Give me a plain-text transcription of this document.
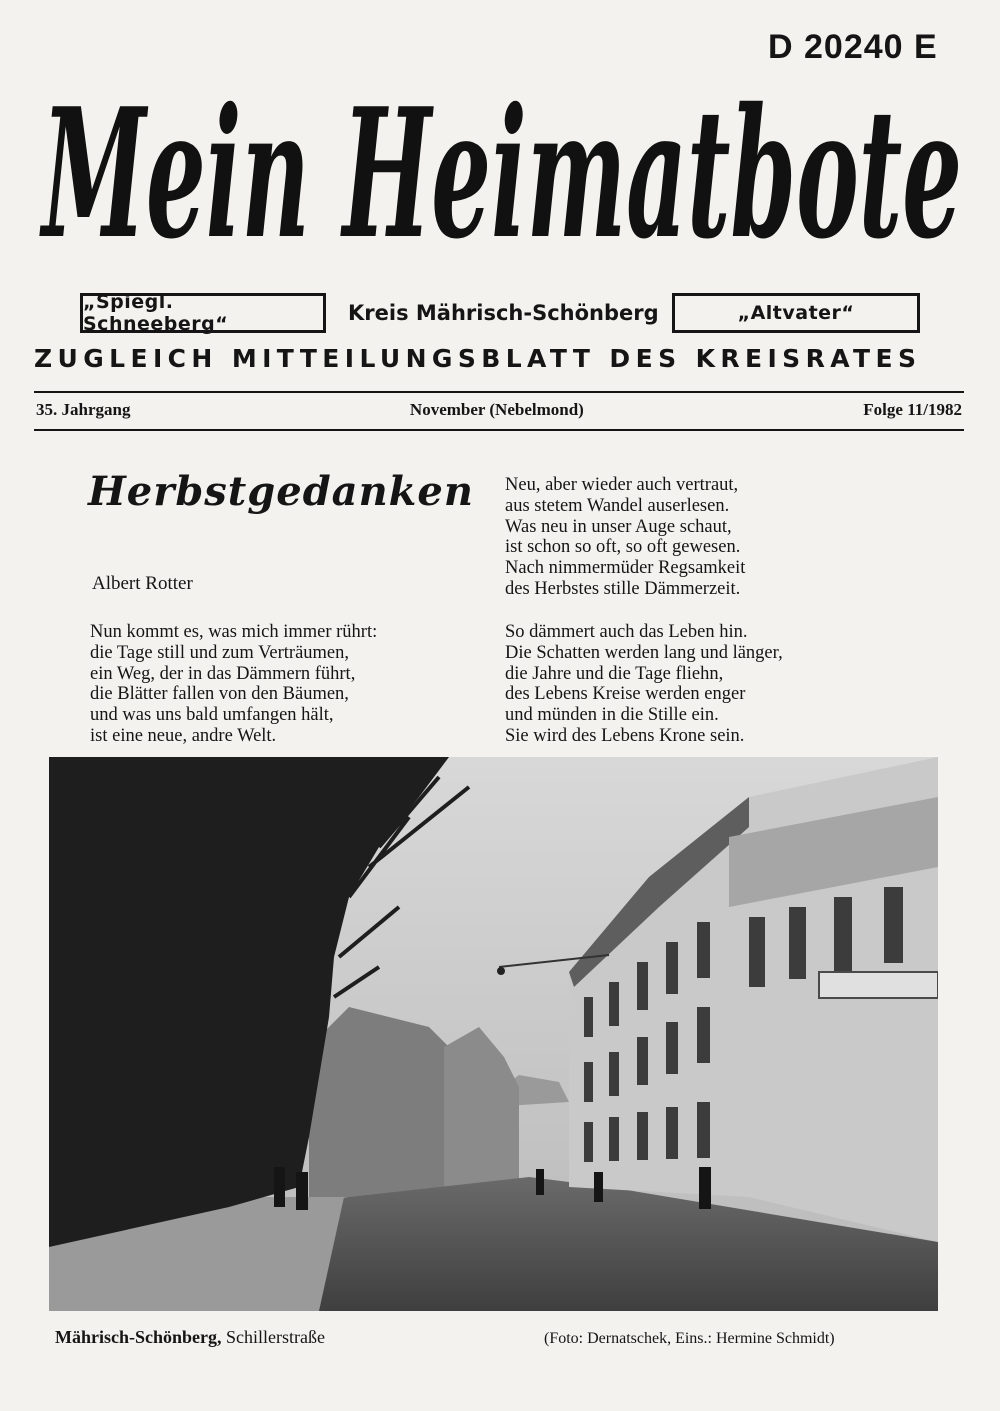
D 20240 E
Mein Heimatbote
„Spiegl. Schneeberg“	Kreis Mährisch-Schönberg	„Altvater“
ZUGLEICH MITTEILUNGSBLATT DES KREISRATES
35. Jahrgang	November (Nebelmond)	Folge 11/1982
Herbstgedanken
Albert Rotter
Nun kommt es, was mich immer rührt:
die Tage still und zum Verträumen,
ein Weg, der in das Dämmern führt,
die Blätter fallen von den Bäumen,
und was uns bald umfangen hält,
ist eine neue, andre Welt.
Neu, aber wieder auch vertraut,
aus stetem Wandel auserlesen.
Was neu in unser Auge schaut,
ist schon so oft, so oft gewesen.
Nach nimmermüder Regsamkeit
des Herbstes stille Dämmerzeit.
So dämmert auch das Leben hin.
Die Schatten werden lang und länger,
die Jahre und die Tage fliehn,
des Lebens Kreise werden enger
und münden in die Stille ein.
Sie wird des Lebens Krone sein.
Mährisch-Schönberg, Schillerstraße	(Foto: Dernatschek, Eins.: Hermine Schmidt)
